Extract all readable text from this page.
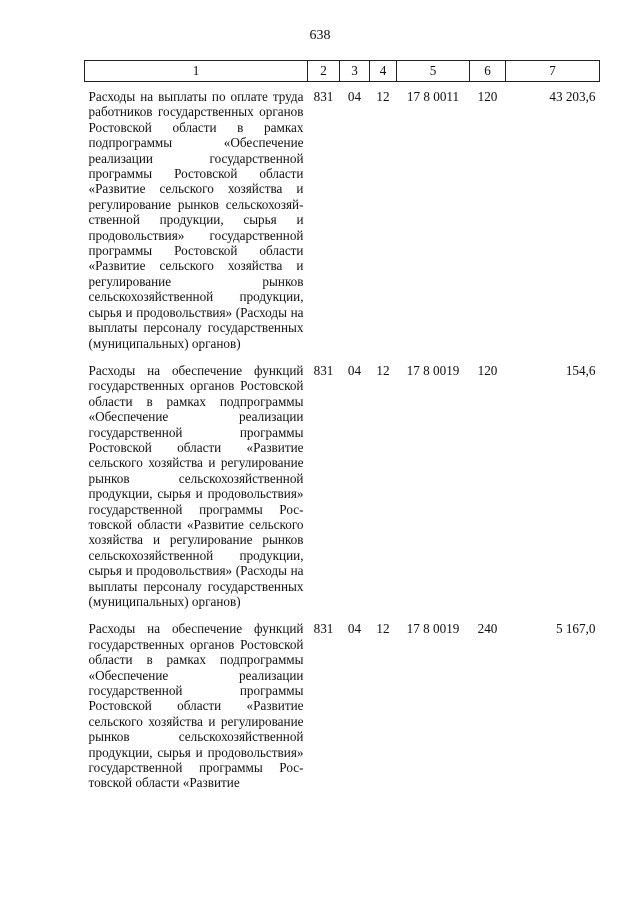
638
1	2	3	4	5	6	7
Расходы на выплаты по оплате труда работников государственных органов Ростовской области в рамках подпрограммы «Обеспечение реализации государственной программы Ростовской области «Развитие сельского хозяйства и регулирование рынков сельскохозяйственной продукции, сырья и продовольствия» государственной программы Ростовской области «Развитие сельского хозяйства и регулирование рынков сельскохозяйственной продукции, сырья и продовольствия» (Расходы на выплаты персоналу государственных (муниципальных) органов)	831	04	12	17 8 0011	120	43 203,6
Расходы на обеспечение функций государственных органов Ростовской области в рамках подпрограммы «Обеспечение реализации государственной программы Ростовской области «Развитие сельского хозяйства и регулирование рынков сельскохозяйственной продукции, сырья и продовольствия» государственной программы Ростовской области «Развитие сельского хозяйства и регулирование рынков сельскохозяйственной продукции, сырья и продовольствия» (Расходы на выплаты персоналу государственных (муниципальных) органов)	831	04	12	17 8 0019	120	154,6
Расходы на обеспечение функций государственных органов Ростовской области в рамках подпрограммы «Обеспечение реализации государственной программы Ростовской области «Развитие сельского хозяйства и регулирование рынков сельскохозяйственной продукции, сырья и продовольствия» государственной программы Ростовской области «Развитие	831	04	12	17 8 0019	240	5 167,0
